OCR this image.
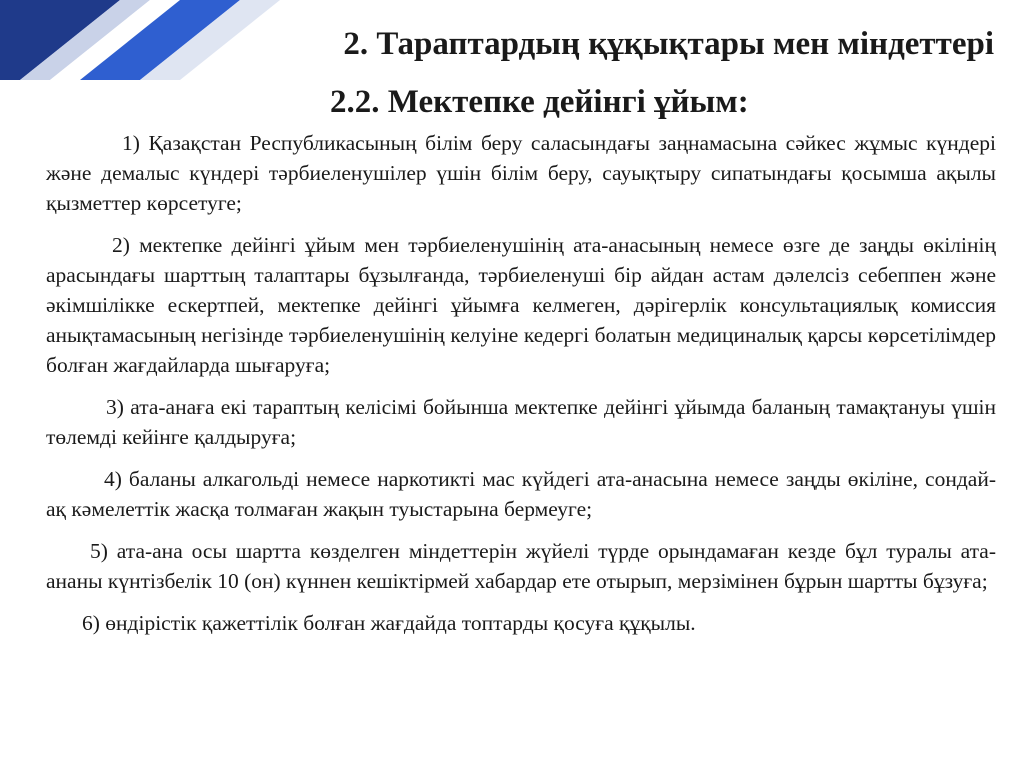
2. Тараптардың құқықтары мен міндеттері
2.2. Мектепке дейінгі ұйым:

1) Қазақстан Республикасының білім беру саласындағы заңнамасына сәйкес жұмыс күндері және демалыс күндері тәрбиеленушілер үшін білім беру, сауықтыру сипатындағы қосымша ақылы қызметтер көрсетуге;

2) мектепке дейінгі ұйым мен тәрбиеленушінің ата-анасының немесе өзге де заңды өкілінің арасындағы шарттың талаптары бұзылғанда, тәрбиеленуші бір айдан астам дәлелсіз себеппен және әкімшілікке ескертпей, мектепке дейінгі ұйымға келмеген, дәрігерлік консультациялық комиссия анықтамасының негізінде тәрбиеленушінің келуіне кедергі болатын медициналық қарсы көрсетілімдер болған жағдайларда шығаруға;

3) ата-анаға екі тараптың келісімі бойынша мектепке дейінгі ұйымда баланың тамақтануы үшін төлемді кейінге қалдыруға;

4) баланы алкагольді немесе наркотикті мас күйдегі ата-анасына немесе заңды өкіліне, сондай-ақ кәмелеттік жасқа толмаған жақын туыстарына бермеуге;

5) ата-ана осы шартта көзделген міндеттерін жүйелі түрде орындамаған кезде бұл туралы ата-ананы күнтізбелік 10 (он) күннен кешіктірмей хабардар ете отырып, мерзімінен бұрын шартты бұзуға;

6) өндірістік қажеттілік болған жағдайда топтарды қосуға құқылы.
